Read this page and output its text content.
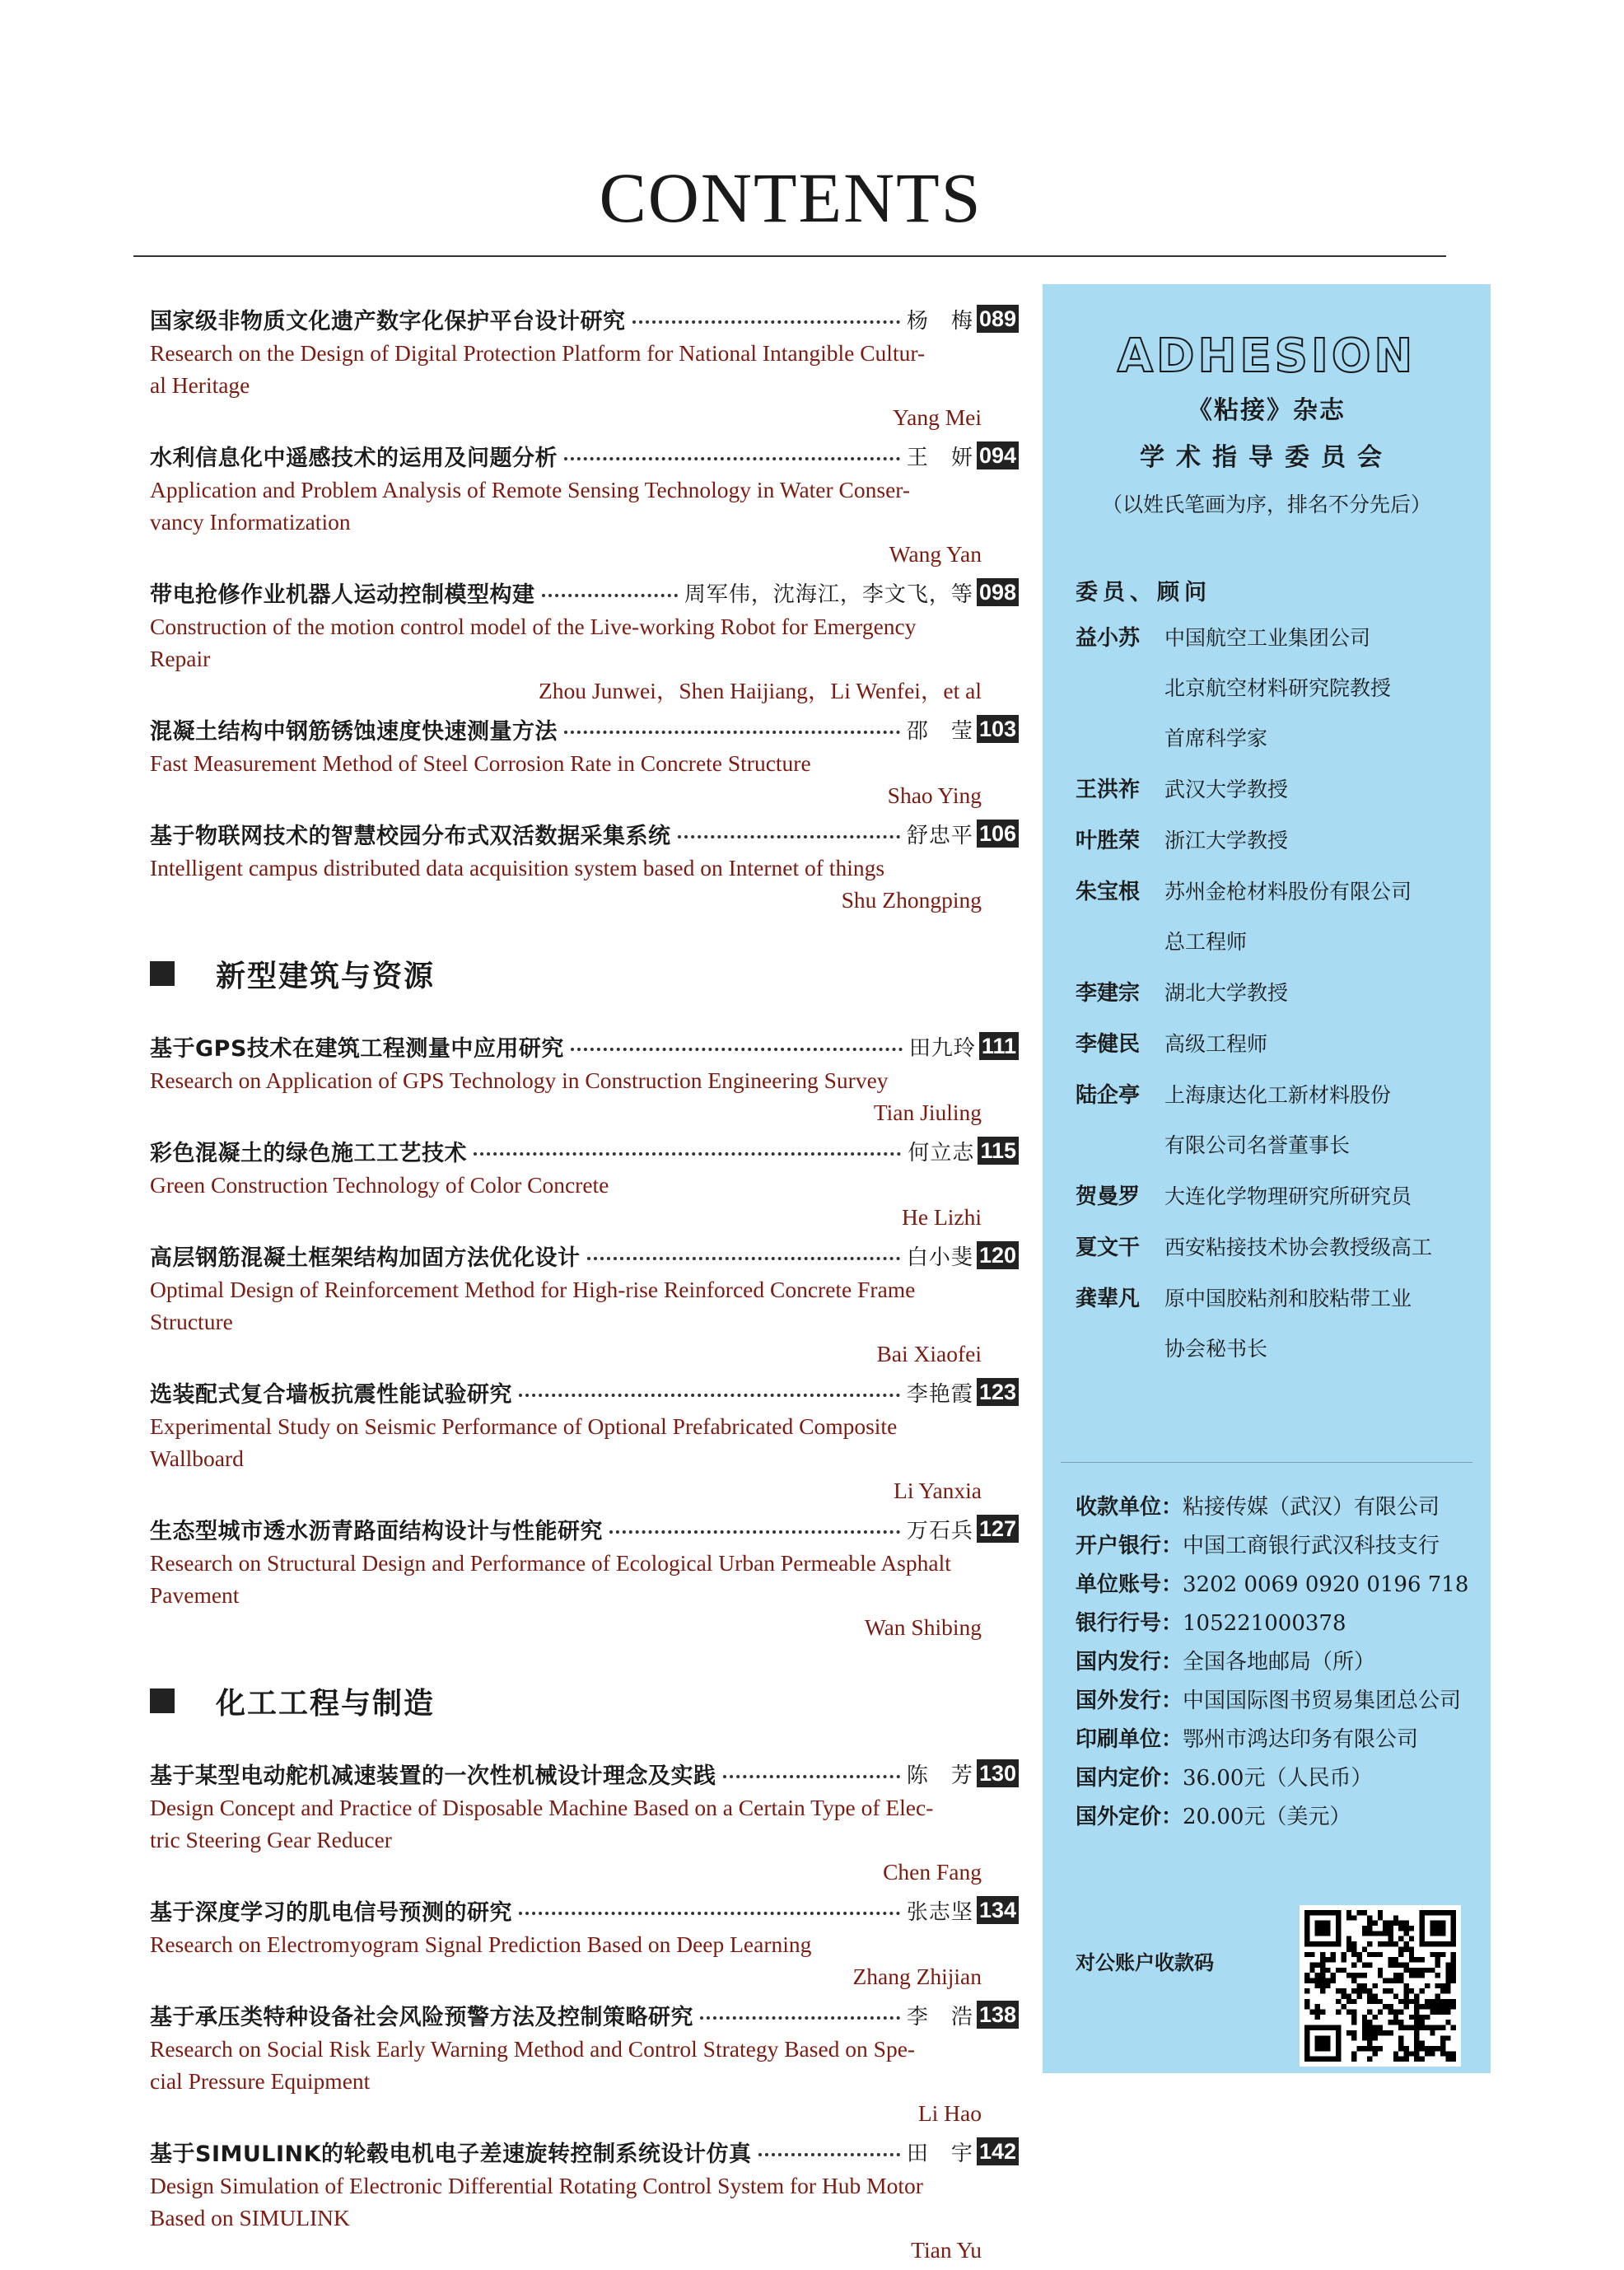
CONTENTS
国家级非物质文化遗产数字化保护平台设计研究	杨　梅 089

Research on the Design of Digital Protection Platform for National Intangible Cultur-

al Heritage

Yang Mei

水利信息化中遥感技术的运用及问题分析	王　妍 094

Application and Problem Analysis of Remote Sensing Technology in Water Conser-

vancy Informatization

Wang Yan

带电抢修作业机器人运动控制模型构建	周军伟，沈海江，李文飞，等 098

Construction of the motion control model of the Live-working Robot for Emergency Repair

Zhou Junwei，Shen Haijiang，Li Wenfei，et al

混凝土结构中钢筋锈蚀速度快速测量方法	邵　莹 103

Fast Measurement Method of Steel Corrosion Rate in Concrete Structure

Shao Ying

基于物联网技术的智慧校园分布式双活数据采集系统	舒忠平 106

Intelligent campus distributed data acquisition system based on Internet of things

Shu Zhongping

新型建筑与资源
基于GPS技术在建筑工程测量中应用研究	田九玲 111

Research on Application of GPS Technology in Construction Engineering Survey

Tian Jiuling

彩色混凝土的绿色施工工艺技术	何立志 115

Green Construction Technology of Color Concrete

He Lizhi

高层钢筋混凝土框架结构加固方法优化设计	白小斐 120

Optimal Design of Reinforcement Method for High-rise Reinforced Concrete Frame Structure

Bai Xiaofei

选装配式复合墙板抗震性能试验研究	李艳霞 123

Experimental Study on Seismic Performance of Optional Prefabricated Composite Wallboard

Li Yanxia

生态型城市透水沥青路面结构设计与性能研究	万石兵 127

Research on Structural Design and Performance of Ecological Urban Permeable Asphalt Pavement

Wan Shibing

化工工程与制造
基于某型电动舵机减速装置的一次性机械设计理念及实践	陈　芳 130

Design Concept and Practice of Disposable Machine Based on a Certain Type of Elec-

tric Steering Gear Reducer

Chen Fang

基于深度学习的肌电信号预测的研究	张志坚 134

Research on Electromyogram Signal Prediction Based on Deep Learning

Zhang Zhijian

基于承压类特种设备社会风险预警方法及控制策略研究	李　浩 138

Research on Social Risk Early Warning Method and Control Strategy Based on Spe-

cial Pressure Equipment

Li Hao

基于SIMULINK的轮毂电机电子差速旋转控制系统设计仿真	田　宇 142

Design Simulation of Electronic Differential Rotating Control System for Hub Motor

Based on SIMULINK

Tian Yu

ADHESION
《粘接》杂志
学术指导委员会
（以姓氏笔画为序，排名不分先后）
委员、顾问
益小苏	中国航空工业集团公司
北京航空材料研究院教授
首席科学家
王洪祚	武汉大学教授
叶胜荣	浙江大学教授
朱宝根	苏州金枪材料股份有限公司
总工程师
李建宗	湖北大学教授
李健民	高级工程师
陆企亭	上海康达化工新材料股份
有限公司名誉董事长
贺曼罗	大连化学物理研究所研究员
夏文干	西安粘接技术协会教授级高工
龚辈凡	原中国胶粘剂和胶粘带工业
协会秘书长
收款单位：粘接传媒（武汉）有限公司
开户银行：中国工商银行武汉科技支行
单位账号：3202 0069 0920 0196 718
银行行号：105221000378
国内发行：全国各地邮局（所）
国外发行：中国国际图书贸易集团总公司
印刷单位：鄂州市鸿达印务有限公司
国内定价：36.00元（人民币）
国外定价：20.00元（美元）
对公账户收款码
